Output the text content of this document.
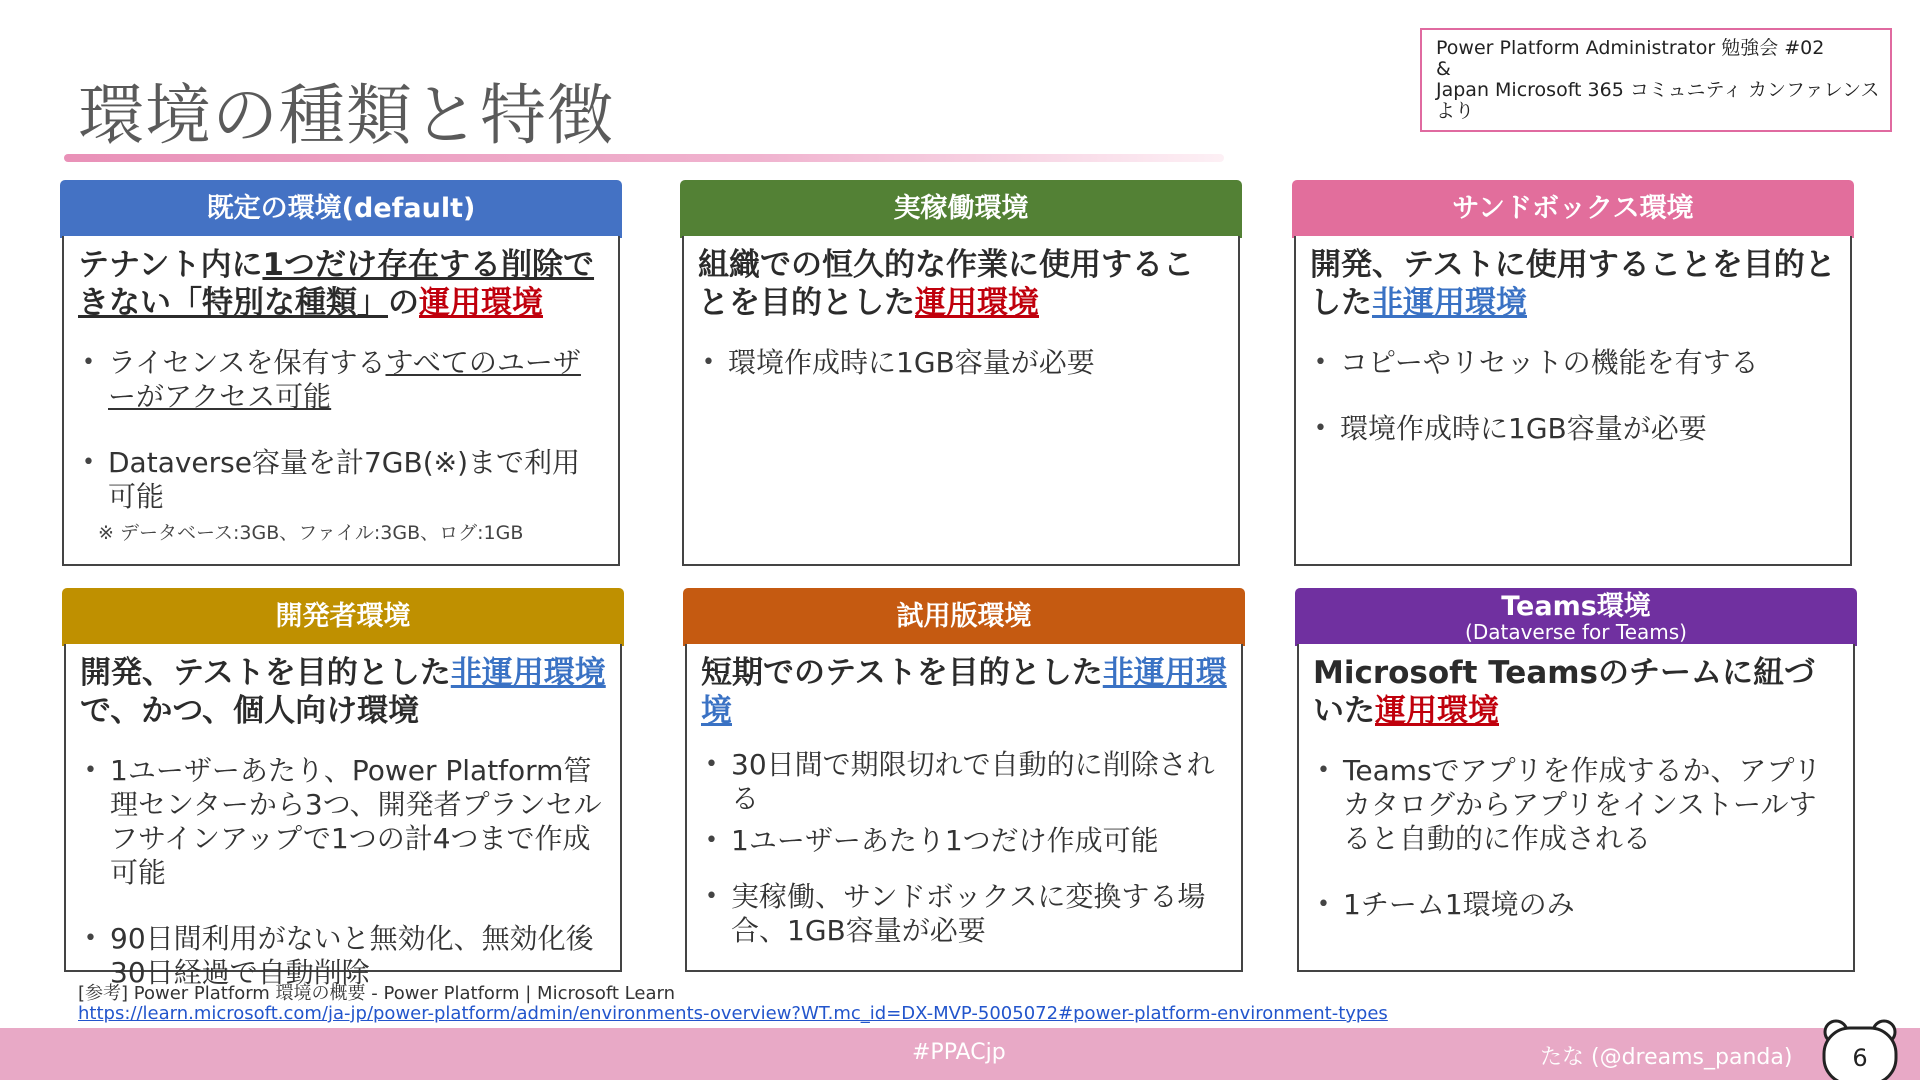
環境の種類と特徴
Power Platform Administrator 勉強会 #02
&
Japan Microsoft 365 コミュニティ カンファレンス
より
既定の環境(default)
テナント内に1つだけ存在する削除できない「特別な種類」の運用環境
• ライセンスを保有するすべてのユーザーがアクセス可能
• Dataverse容量を計7GB(※)まで利用可能
※ データベース:3GB、ファイル:3GB、ログ:1GB
実稼働環境
組織での恒久的な作業に使用することを目的とした運用環境
• 環境作成時に1GB容量が必要
サンドボックス環境
開発、テストに使用することを目的とした非運用環境
• コピーやリセットの機能を有する
• 環境作成時に1GB容量が必要
開発者環境
開発、テストを目的とした非運用環境で、かつ、個人向け環境
• 1ユーザーあたり、Power Platform管理センターから3つ、開発者プランセルフサインアップで1つの計4つまで作成可能
• 90日間利用がないと無効化、無効化後30日経過で自動削除
試用版環境
短期でのテストを目的とした非運用環境
• 30日間で期限切れで自動的に削除される
• 1ユーザーあたり1つだけ作成可能
• 実稼働、サンドボックスに変換する場合、1GB容量が必要
Teams環境
(Dataverse for Teams)
Microsoft Teamsのチームに紐づいた運用環境
• Teamsでアプリを作成するか、アプリカタログからアプリをインストールすると自動的に作成される
• 1チーム1環境のみ
[参考] Power Platform 環境の概要 - Power Platform | Microsoft Learn
https://learn.microsoft.com/ja-jp/power-platform/admin/environments-overview?WT.mc_id=DX-MVP-5005072#power-platform-environment-types
#PPACjp	たな (@dreams_panda) 6
